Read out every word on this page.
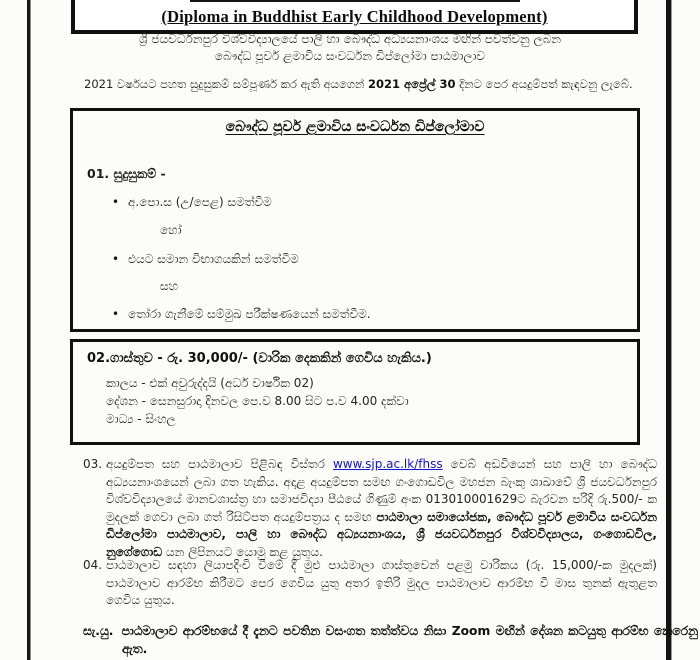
(Diploma in Buddhist Early Childhood Development)
ශ්‍රී ජයවර්ධනපුර විශ්වවිද්‍යාලයේ පාලි හා බෞද්ධ අධ්‍යයනාංශය මඟින් පවත්වනු ලබන
බෞද්ධ පූර්ව ළමාවිය සංවර්ධන ඩිප්ලෝමා පාඨමාලාව
2021 වර්ෂයට පහත සුදුසුකම් සම්පූර්ණ කර ඇති අයගෙන් 2021 අප්‍රේල් 30 දිනට පෙර අයදුම්පත් කැඳවනු ලැබේ.
බෞද්ධ පූර්ව ළමාවිය සංවර්ධන ඩිප්ලෝමාව
01. සුදුසුකම් -
• අ.පො.ස (උ/පෙළ) සමත්වීම
හෝ
• එයට සමාන විභාගයකින් සමත්වීම
සහ
• තෝරා ගැනීමේ සම්මුඛ පරීක්ෂණයෙන් සමත්වීම.
02.ගාස්තුව - රු. 30,000/- (වාරික දෙකකින් ගෙවිය හැකිය.)
කාලය - එක් අවුරුද්දයි (අර්ධ වාර්ෂික 02)
දේශන - සෙනසුරාදා දිනවල පෙ.ව 8.00 සිට ප.ව 4.00 දක්වා
මාධ්‍ය - සිංහල
03. අයදුම්පත සහ පාඨමාලාව පිළිබඳ විස්තර www.sjp.ac.lk/fhss වෙබ් අඩවියෙන් සහ පාලි හා බෞද්ධ අධ්‍යයනාංශයෙන් ලබා ගත හැකිය. අදාළ අයදුම්පත සමඟ ගංගොඩවිල මහජන බැංකු ශාඛාවේ ශ්‍රී ජයවර්ධනපුර විශ්වවිද්‍යාලයේ මානවශාස්ත්‍ර හා සමාජවිද්‍යා පීඨයේ ගිණුම් අංක 013010001629ට බැරවන පරිදි රු.500/- ක මුදලක් ගෙවා ලබා ගත් රිසිට්පත අයදුම්පත්‍රය ද සමඟ පාඨමාලා සමායෝජක, බෞද්ධ පූර්ව ළමාවිය සංවර්ධන ඩිප්ලෝමා පාඨමාලාව, පාලි හා බෞද්ධ අධ්‍යයනාංශය, ශ්‍රී ජයවර්ධනපුර විශ්වවිද්‍යාලය, ගංගොඩවිල, නුගේගොඩ යන ලිපිනයට යොමු කළ යුතුය.
04. පාඨමාලාව සඳහා ලියාපදිංචි වීමේ දී මුළු පාඨමාලා ගාස්තුවෙන් පළමු වාරිකය (රු. 15,000/-ක මුදලක්) පාඨමාලාව ආරම්භ කිරීමට පෙර ගෙවිය යුතු අතර ඉතිරි මුදල පාඨමාලාව ආරම්භ වී මාස තුනක් ඇතුළත ගෙවිය යුතුය.
සැ.යු. පාඨමාලාව ආරම්භයේ දී දැනට පවතින වසංගත තත්ත්වය නිසා Zoom මඟින් දේශන කටයුතු ආරම්භ කෙරෙනු ඇත.
